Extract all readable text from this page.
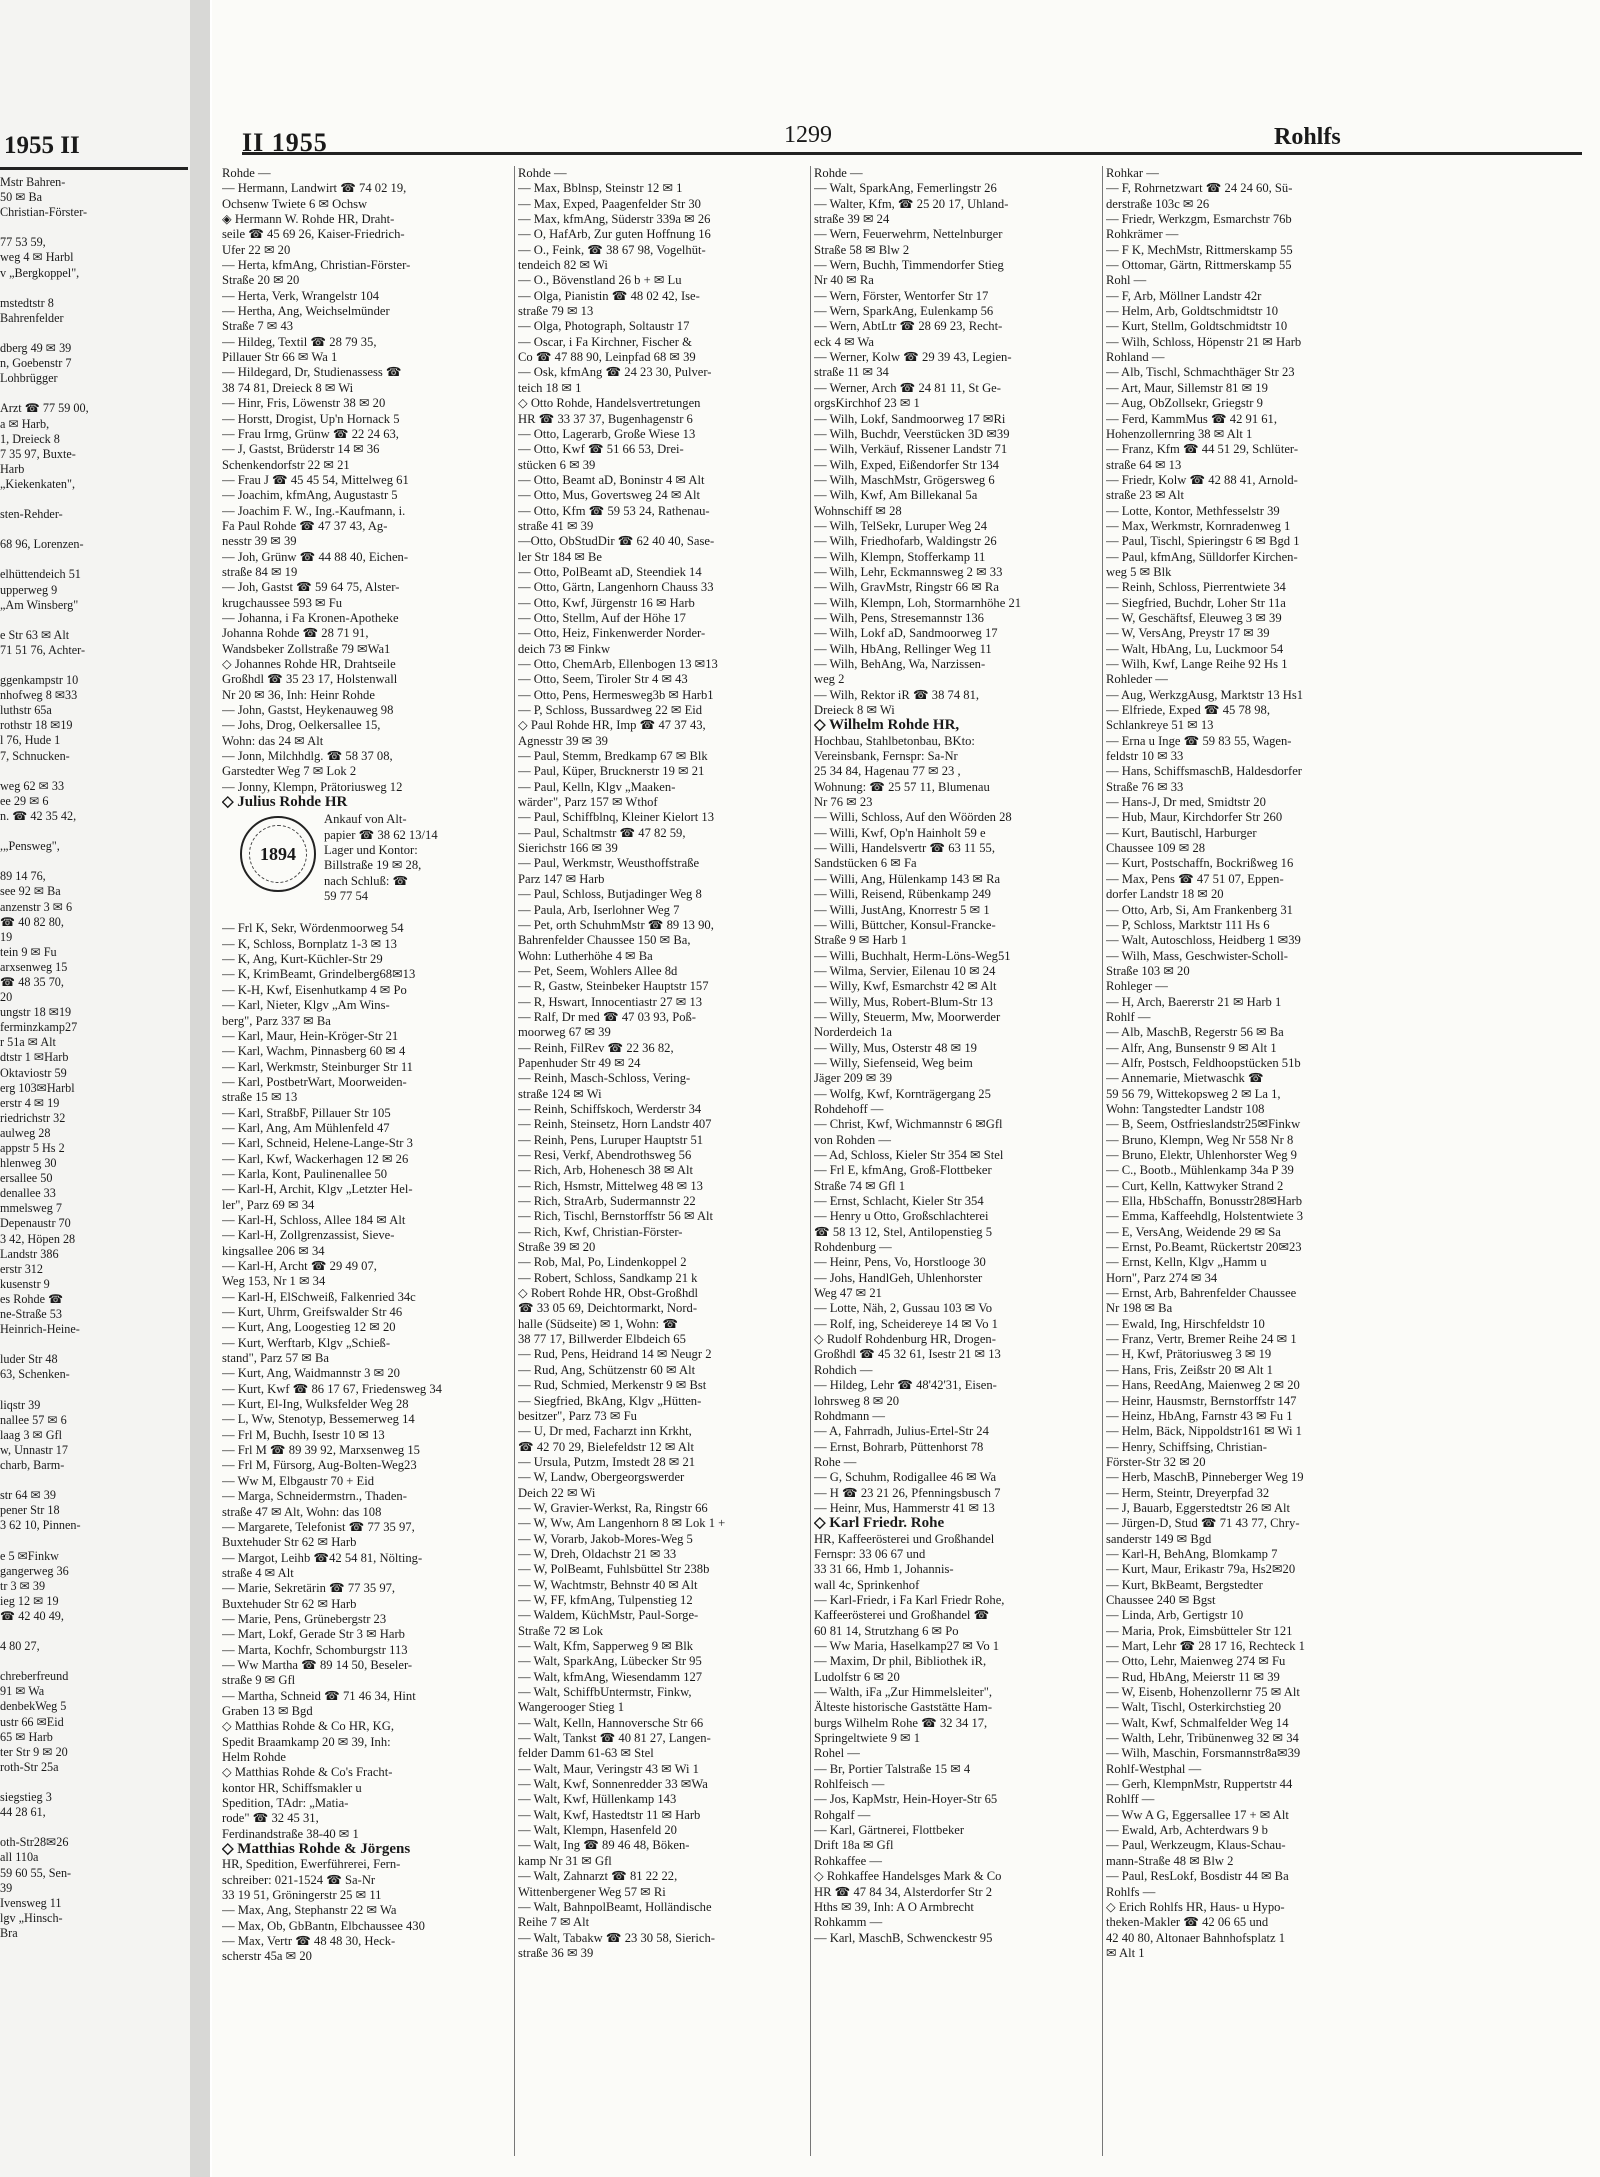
1955 II
Mstr Bahren-
50 ✉ Ba
Christian-Förster-
77 53 59,
weg 4 ✉ Harbl
v „Bergkoppel",
mstedtstr 8
Bahrenfelder
dberg 49 ✉ 39
n, Goebenstr 7
Lohbrügger
Arzt ☎ 77 59 00,
a ✉ Harb,
1, Dreieck 8
7 35 97, Buxte-
Harb
„Kiekenkaten",
sten-Rehder-
68 96, Lorenzen-
elhüttendeich 51
upperweg 9
„Am Winsberg"
e Str 63 ✉ Alt
71 51 76, Achter-
ggenkampstr 10
nhofweg 8 ✉33
luthstr 65a
rothstr 18 ✉19
l 76, Hude 1
7, Schnucken-
weg 62 ✉ 33
ee 29 ✉ 6
n. ☎ 42 35 42,
,„Pensweg",
89 14 76,
see 92 ✉ Ba
anzenstr 3 ✉ 6
☎ 40 82 80,
19
tein 9 ✉ Fu
arxsenweg 15
☎ 48 35 70,
20
ungstr 18 ✉19
ferminzkamp27
r 51a ✉ Alt
dtstr 1 ✉Harb
Oktaviostr 59
erg 103✉Harbl
erstr 4 ✉ 19
riedrichstr 32
aulweg 28
appstr 5 Hs 2
hlenweg 30
ersallee 50
denallee 33
mmelsweg 7
Depenaustr 70
3 42, Höpen 28
Landstr 386
erstr 312
kusenstr 9
es Rohde ☎
ne-Straße 53
Heinrich-Heine-
luder Str 48
63, Schenken-
liqstr 39
nallee 57 ✉ 6
laag 3 ✉ Gfl
w, Unnastr 17
charb, Barm-
str 64 ✉ 39
pener Str 18
3 62 10, Pinnen-
e 5 ✉Finkw
gangerweg 36
tr 3 ✉ 39
ieg 12 ✉ 19
☎ 42 40 49,
4 80 27,
chreberfreund
91 ✉ Wa
denbekWeg 5
ustr 66 ✉Eid
65 ✉ Harb
ter Str 9 ✉ 20
roth-Str 25a
siegstieg 3
44 28 61,
oth-Str28✉26
all 110a
59 60 55, Sen-
39
Ivensweg 11
lgv „Hinsch-
Bra
II 1955	1299	Rohlfs
Rohde —
— Hermann, Landwirt ☎ 74 02 19,
Ochsenw Twiete 6 ✉ Ochsw
◈ Hermann W. Rohde HR, Draht-
seile ☎ 45 69 26, Kaiser-Friedrich-
Ufer 22 ✉ 20
— Herta, kfmAng, Christian-Förster-
Straße 20 ✉ 20
— Herta, Verk, Wrangelstr 104
— Hertha, Ang, Weichselmünder
Straße 7 ✉ 43
— Hildeg, Textil ☎ 28 79 35,
Pillauer Str 66 ✉ Wa 1
— Hildegard, Dr, Studienassess ☎
38 74 81, Dreieck 8 ✉ Wi
— Hinr, Fris, Löwenstr 38 ✉ 20
— Horstt, Drogist, Up'n Hornack 5
— Frau Irmg, Grünw ☎ 22 24 63,
— J, Gastst, Brüderstr 14 ✉ 36
Schenkendorfstr 22 ✉ 21
— Frau J ☎ 45 45 54, Mittelweg 61
— Joachim, kfmAng, Augustastr 5
— Joachim F. W., Ing.-Kaufmann, i.
Fa Paul Rohde ☎ 47 37 43, Ag-
nesstr 39 ✉ 39
— Joh, Grünw ☎ 44 88 40, Eichen-
straße 84 ✉ 19
— Joh, Gastst ☎ 59 64 75, Alster-
krugchaussee 593 ✉ Fu
— Johanna, i Fa Kronen-Apotheke
Johanna Rohde ☎ 28 71 91,
Wandsbeker Zollstraße 79 ✉Wa1
◇ Johannes Rohde HR, Drahtseile
Großhdl ☎ 35 23 17, Holstenwall
Nr 20 ✉ 36, Inh: Heinr Rohde
— John, Gastst, Heykenauweg 98
— Johs, Drog, Oelkersallee 15,
Wohn: das 24 ✉ Alt
— Jonn, Milchhdlg. ☎ 58 37 08,
Garstedter Weg 7 ✉ Lok 2
— Jonny, Klempn, Prätoriusweg 12
◇ Julius Rohde HR
1894
Ankauf von Alt-
papier ☎ 38 62 13/14
Lager und Kontor:
Billstraße 19 ✉ 28,
nach Schluß: ☎
59 77 54
— Frl K, Sekr, Wördenmoorweg 54
— K, Schloss, Bornplatz 1-3 ✉ 13
— K, Ang, Kurt-Küchler-Str 29
— K, KrimBeamt, Grindelberg68✉13
— K-H, Kwf, Eisenhutkamp 4 ✉ Po
— Karl, Nieter, Klgv „Am Wins-
berg", Parz 337 ✉ Ba
— Karl, Maur, Hein-Kröger-Str 21
— Karl, Wachm, Pinnasberg 60 ✉ 4
— Karl, Werkmstr, Steinburger Str 11
— Karl, PostbetrWart, Moorweiden-
straße 15 ✉ 13
— Karl, StraßbF, Pillauer Str 105
— Karl, Ang, Am Mühlenfeld 47
— Karl, Schneid, Helene-Lange-Str 3
— Karl, Kwf, Wackerhagen 12 ✉ 26
— Karla, Kont, Paulinenallee 50
— Karl-H, Archit, Klgv „Letzter Hel-
ler", Parz 69 ✉ 34
— Karl-H, Schloss, Allee 184 ✉ Alt
— Karl-H, Zollgrenzassist, Sieve-
kingsallee 206 ✉ 34
— Karl-H, Archt ☎ 29 49 07,
Weg 153, Nr 1 ✉ 34
— Karl-H, ElSchweiß, Falkenried 34c
— Kurt, Uhrm, Greifswalder Str 46
— Kurt, Ang, Loogestieg 12 ✉ 20
— Kurt, Werftarb, Klgv „Schieß-
stand", Parz 57 ✉ Ba
— Kurt, Ang, Waidmannstr 3 ✉ 20
— Kurt, Kwf ☎ 86 17 67, Friedensweg 34
— Kurt, El-Ing, Wulksfelder Weg 28
— L, Ww, Stenotyp, Bessemerweg 14
— Frl M, Buchh, Isestr 10 ✉ 13
— Frl M ☎ 89 39 92, Marxsenweg 15
— Frl M, Fürsorg, Aug-Bolten-Weg23
— Ww M, Elbgaustr 70 + Eid
— Marga, Schneidermstrn., Thaden-
straße 47 ✉ Alt, Wohn: das 108
— Margarete, Telefonist ☎ 77 35 97,
Buxtehuder Str 62 ✉ Harb
— Margot, Leihb ☎42 54 81, Nölting-
straße 4 ✉ Alt
— Marie, Sekretärin ☎ 77 35 97,
Buxtehuder Str 62 ✉ Harb
— Marie, Pens, Grünebergstr 23
— Mart, Lokf, Gerade Str 3 ✉ Harb
— Marta, Kochfr, Schomburgstr 113
— Ww Martha ☎ 89 14 50, Beseler-
straße 9 ✉ Gfl
— Martha, Schneid ☎ 71 46 34, Hint
Graben 13 ✉ Bgd
◇ Matthias Rohde & Co HR, KG,
Spedit Braamkamp 20 ✉ 39, Inh:
Helm Rohde
◇ Matthias Rohde & Co's Fracht-
kontor HR, Schiffsmakler u
Spedition, TAdr: „Matia-
rode" ☎ 32 45 31,
Ferdinandstraße 38-40 ✉ 1
◇ Matthias Rohde & Jörgens
HR, Spedition, Ewerführerei, Fern-
schreiber: 021-1524 ☎ Sa-Nr
33 19 51, Gröningerstr 25 ✉ 11
— Max, Ang, Stephanstr 22 ✉ Wa
— Max, Ob, GbBantn, Elbchaussee 430
— Max, Vertr ☎ 48 48 30, Heck-
scherstr 45a ✉ 20
Rohde —
— Max, Bblnsp, Steinstr 12 ✉ 1
— Max, Exped, Paagenfelder Str 30
— Max, kfmAng, Süderstr 339a ✉ 26
— O, HafArb, Zur guten Hoffnung 16
— O., Feink, ☎ 38 67 98, Vogelhüt-
tendeich 82 ✉ Wi
— O., Bövenstland 26 b + ✉ Lu
— Olga, Pianistin ☎ 48 02 42, Ise-
straße 79 ✉ 13
— Olga, Photograph, Soltaustr 17
— Oscar, i Fa Kirchner, Fischer &
Co ☎ 47 88 90, Leinpfad 68 ✉ 39
— Osk, kfmAng ☎ 24 23 30, Pulver-
teich 18 ✉ 1
◇ Otto Rohde, Handelsvertretungen
HR ☎ 33 37 37, Bugenhagenstr 6
— Otto, Lagerarb, Große Wiese 13
— Otto, Kwf ☎ 51 66 53, Drei-
stücken 6 ✉ 39
— Otto, Beamt aD, Boninstr 4 ✉ Alt
— Otto, Mus, Govertsweg 24 ✉ Alt
— Otto, Kfm ☎ 59 53 24, Rathenau-
straße 41 ✉ 39
—Otto, ObStudDir ☎ 62 40 40, Sase-
ler Str 184 ✉ Be
— Otto, PolBeamt aD, Steendiek 14
— Otto, Gärtn, Langenhorn Chauss 33
— Otto, Kwf, Jürgenstr 16 ✉ Harb
— Otto, Stellm, Auf der Höhe 17
— Otto, Heiz, Finkenwerder Norder-
deich 73 ✉ Finkw
— Otto, ChemArb, Ellenbogen 13 ✉13
— Otto, Seem, Tiroler Str 4 ✉ 43
— Otto, Pens, Hermesweg3b ✉ Harb1
— P, Schloss, Bussardweg 22 ✉ Eid
◇ Paul Rohde HR, Imp ☎ 47 37 43,
Agnesstr 39 ✉ 39
— Paul, Stemm, Bredkamp 67 ✉ Blk
— Paul, Küper, Brucknerstr 19 ✉ 21
— Paul, Kelln, Klgv „Maaken-
wärder", Parz 157 ✉ Wthof
— Paul, Schiffblnq, Kleiner Kielort 13
— Paul, Schaltmstr ☎ 47 82 59,
Sierichstr 166 ✉ 39
— Paul, Werkmstr, Weusthoffstraße
Parz 147 ✉ Harb
— Paul, Schloss, Butjadinger Weg 8
— Paula, Arb, Iserlohner Weg 7
— Pet, orth SchuhmMstr ☎ 89 13 90,
Bahrenfelder Chaussee 150 ✉ Ba,
Wohn: Lutherhöhe 4 ✉ Ba
— Pet, Seem, Wohlers Allee 8d
— R, Gastw, Steinbeker Hauptstr 157
— R, Hswart, Innocentiastr 27 ✉ 13
— Ralf, Dr med ☎ 47 03 93, Poß-
moorweg 67 ✉ 39
— Reinh, FilRev ☎ 22 36 82,
Papenhuder Str 49 ✉ 24
— Reinh, Masch-Schloss, Vering-
straße 124 ✉ Wi
— Reinh, Schiffskoch, Werderstr 34
— Reinh, Steinsetz, Horn Landstr 407
— Reinh, Pens, Luruper Hauptstr 51
— Resi, Verkf, Abendrothsweg 56
— Rich, Arb, Hohenesch 38 ✉ Alt
— Rich, Hsmstr, Mittelweg 48 ✉ 13
— Rich, StraArb, Sudermannstr 22
— Rich, Tischl, Bernstorffstr 56 ✉ Alt
— Rich, Kwf, Christian-Förster-
Straße 39 ✉ 20
— Rob, Mal, Po, Lindenkoppel 2
— Robert, Schloss, Sandkamp 21 k
◇ Robert Rohde HR, Obst-Großhdl
☎ 33 05 69, Deichtormarkt, Nord-
halle (Südseite) ✉ 1, Wohn: ☎
38 77 17, Billwerder Elbdeich 65
— Rud, Pens, Heidrand 14 ✉ Neugr 2
— Rud, Ang, Schützenstr 60 ✉ Alt
— Rud, Schmied, Merkenstr 9 ✉ Bst
— Siegfried, BkAng, Klgv „Hütten-
besitzer", Parz 73 ✉ Fu
— U, Dr med, Facharzt inn Krkht,
☎ 42 70 29, Bielefeldstr 12 ✉ Alt
— Ursula, Putzm, Imstedt 28 ✉ 21
— W, Landw, Obergeorgswerder
Deich 22 ✉ Wi
— W, Gravier-Werkst, Ra, Ringstr 66
— W, Ww, Am Langenhorn 8 ✉ Lok 1 +
— W, Vorarb, Jakob-Mores-Weg 5
— W, Dreh, Oldachstr 21 ✉ 33
— W, PolBeamt, Fuhlsbüttel Str 238b
— W, Wachtmstr, Behnstr 40 ✉ Alt
— W, FF, kfmAng, Tulpenstieg 12
— Waldem, KüchMstr, Paul-Sorge-
Straße 72 ✉ Lok
— Walt, Kfm, Sapperweg 9 ✉ Blk
— Walt, SparkAng, Lübecker Str 95
— Walt, kfmAng, Wiesendamm 127
— Walt, SchiffbUntermstr, Finkw,
Wangerooger Stieg 1
— Walt, Kelln, Hannoversche Str 66
— Walt, Tankst ☎ 40 81 27, Langen-
felder Damm 61-63 ✉ Stel
— Walt, Maur, Veringstr 43 ✉ Wi 1
— Walt, Kwf, Sonnenredder 33 ✉Wa
— Walt, Kwf, Hüllenkamp 143
— Walt, Kwf, Hastedtstr 11 ✉ Harb
— Walt, Klempn, Hasenfeld 20
— Walt, Ing ☎ 89 46 48, Böken-
kamp Nr 31 ✉ Gfl
— Walt, Zahnarzt ☎ 81 22 22,
Wittenbergener Weg 57 ✉ Ri
— Walt, BahnpolBeamt, Holländische
Reihe 7 ✉ Alt
— Walt, Tabakw ☎ 23 30 58, Sierich-
straße 36 ✉ 39
Rohde —
— Walt, SparkAng, Femerlingstr 26
— Walter, Kfm, ☎ 25 20 17, Uhland-
straße 39 ✉ 24
— Wern, Feuerwehrm, Nettelnburger
Straße 58 ✉ Blw 2
— Wern, Buchh, Timmendorfer Stieg
Nr 40 ✉ Ra
— Wern, Förster, Wentorfer Str 17
— Wern, SparkAng, Eulenkamp 56
— Wern, AbtLtr ☎ 28 69 23, Recht-
eck 4 ✉ Wa
— Werner, Kolw ☎ 29 39 43, Legien-
straße 11 ✉ 34
— Werner, Arch ☎ 24 81 11, St Ge-
orgsKirchhof 23 ✉ 1
— Wilh, Lokf, Sandmoorweg 17 ✉Ri
— Wilh, Buchdr, Veerstücken 3D ✉39
— Wilh, Verkäuf, Rissener Landstr 71
— Wilh, Exped, Eißendorfer Str 134
— Wilh, MaschMstr, Grögersweg 6
— Wilh, Kwf, Am Billekanal 5a
Wohnschiff ✉ 28
— Wilh, TelSekr, Luruper Weg 24
— Wilh, Friedhofarb, Waldingstr 26
— Wilh, Klempn, Stofferkamp 11
— Wilh, Lehr, Eckmannsweg 2 ✉ 33
— Wilh, GravMstr, Ringstr 66 ✉ Ra
— Wilh, Klempn, Loh, Stormarnhöhe 21
— Wilh, Pens, Stresemannstr 136
— Wilh, Lokf aD, Sandmoorweg 17
— Wilh, HbAng, Rellinger Weg 11
— Wilh, BehAng, Wa, Narzissen-
weg 2
— Wilh, Rektor iR ☎ 38 74 81,
Dreieck 8 ✉ Wi
◇ Wilhelm Rohde HR,
Hochbau, Stahlbetonbau, BKto:
Vereinsbank, Fernspr: Sa-Nr
25 34 84, Hagenau 77 ✉ 23 ,
Wohnung: ☎ 25 57 11, Blumenau
Nr 76 ✉ 23
— Willi, Schloss, Auf den Wöörden 28
— Willi, Kwf, Op'n Hainholt 59 e
— Willi, Handelsvertr ☎ 63 11 55,
Sandstücken 6 ✉ Fa
— Willi, Ang, Hülenkamp 143 ✉ Ra
— Willi, Reisend, Rübenkamp 249
— Willi, JustAng, Knorrestr 5 ✉ 1
— Willi, Büttcher, Konsul-Francke-
Straße 9 ✉ Harb 1
— Willi, Buchhalt, Herm-Löns-Weg51
— Wilma, Servier, Eilenau 10 ✉ 24
— Willy, Kwf, Esmarchstr 42 ✉ Alt
— Willy, Mus, Robert-Blum-Str 13
— Willy, Steuerm, Mw, Moorwerder
Norderdeich 1a
— Willy, Mus, Osterstr 48 ✉ 19
— Willy, Siefenseid, Weg beim
Jäger 209 ✉ 39
— Wolfg, Kwf, Kornträgergang 25
Rohdehoff —
— Christ, Kwf, Wichmannstr 6 ✉Gfl
von Rohden —
— Ad, Schloss, Kieler Str 354 ✉ Stel
— Frl E, kfmAng, Groß-Flottbeker
Straße 74 ✉ Gfl 1
— Ernst, Schlacht, Kieler Str 354
— Henry u Otto, Großschlachterei
☎ 58 13 12, Stel, Antilopenstieg 5
Rohdenburg —
— Heinr, Pens, Vo, Horstlooge 30
— Johs, HandlGeh, Uhlenhorster
Weg 47 ✉ 21
— Lotte, Näh, 2, Gussau 103 ✉ Vo
— Rolf, ing, Scheidereye 14 ✉ Vo 1
◇ Rudolf Rohdenburg HR, Drogen-
Großhdl ☎ 45 32 61, Isestr 21 ✉ 13
Rohdich —
— Hildeg, Lehr ☎ 48'42'31, Eisen-
lohrsweg 8 ✉ 20
Rohdmann —
— A, Fahrradh, Julius-Ertel-Str 24
— Ernst, Bohrarb, Püttenhorst 78
Rohe —
— G, Schuhm, Rodigallee 46 ✉ Wa
— H ☎ 23 21 26, Pfenningsbusch 7
— Heinr, Mus, Hammerstr 41 ✉ 13
◇ Karl Friedr. Rohe
HR, Kaffeerösterei und Großhandel
Fernspr: 33 06 67 und
33 31 66, Hmb 1, Johannis-
wall 4c, Sprinkenhof
— Karl-Friedr, i Fa Karl Friedr Rohe,
Kaffeerösterei und Großhandel ☎
60 81 14, Strutzhang 6 ✉ Po
— Ww Maria, Haselkamp27 ✉ Vo 1
— Maxim, Dr phil, Bibliothek iR,
Ludolfstr 6 ✉ 20
— Walth, iFa „Zur Himmelsleiter",
Älteste historische Gaststätte Ham-
burgs Wilhelm Rohe ☎ 32 34 17,
Springeltwiete 9 ✉ 1
Rohel —
— Br, Portier Talstraße 15 ✉ 4
Rohlfeisch —
— Jos, KapMstr, Hein-Hoyer-Str 65
Rohgalf —
— Karl, Gärtnerei, Flottbeker
Drift 18a ✉ Gfl
Rohkaffee —
◇ Rohkaffee Handelsges Mark & Co
HR ☎ 47 84 34, Alsterdorfer Str 2
Hths ✉ 39, Inh: A O Armbrecht
Rohkamm —
— Karl, MaschB, Schwenckestr 95
Rohkar —
— F, Rohrnetzwart ☎ 24 24 60, Sü-
derstraße 103c ✉ 26
— Friedr, Werkzgm, Esmarchstr 76b
Rohkrämer —
— F K, MechMstr, Rittmerskamp 55
— Ottomar, Gärtn, Rittmerskamp 55
Rohl —
— F, Arb, Möllner Landstr 42r
— Helm, Arb, Goldtschmidtstr 10
— Kurt, Stellm, Goldtschmidtstr 10
— Wilh, Schloss, Höpenstr 21 ✉ Harb
Rohland —
— Alb, Tischl, Schmachthäger Str 23
— Art, Maur, Sillemstr 81 ✉ 19
— Aug, ObZollsekr, Griegstr 9
— Ferd, KammMus ☎ 42 91 61,
Hohenzollernring 38 ✉ Alt 1
— Franz, Kfm ☎ 44 51 29, Schlüter-
straße 64 ✉ 13
— Friedr, Kolw ☎ 42 88 41, Arnold-
straße 23 ✉ Alt
— Lotte, Kontor, Methfesselstr 39
— Max, Werkmstr, Kornradenweg 1
— Paul, Tischl, Spieringstr 6 ✉ Bgd 1
— Paul, kfmAng, Sülldorfer Kirchen-
weg 5 ✉ Blk
— Reinh, Schloss, Pierrentwiete 34
— Siegfried, Buchdr, Loher Str 11a
— W, Geschäftsf, Eleuweg 3 ✉ 39
— W, VersAng, Preystr 17 ✉ 39
— Walt, HbAng, Lu, Luckmoor 54
— Wilh, Kwf, Lange Reihe 92 Hs 1
Rohleder —
— Aug, WerkzgAusg, Marktstr 13 Hs1
— Elfriede, Exped ☎ 45 78 98,
Schlankreye 51 ✉ 13
— Erna u Inge ☎ 59 83 55, Wagen-
feldstr 10 ✉ 33
— Hans, SchiffsmaschB, Haldesdorfer
Straße 76 ✉ 33
— Hans-J, Dr med, Smidtstr 20
— Hub, Maur, Kirchdorfer Str 260
— Kurt, Bautischl, Harburger
Chaussee 109 ✉ 28
— Kurt, Postschaffn, Bockrißweg 16
— Max, Pens ☎ 47 51 07, Eppen-
dorfer Landstr 18 ✉ 20
— Otto, Arb, Si, Am Frankenberg 31
— P, Schloss, Marktstr 111 Hs 6
— Walt, Autoschloss, Heidberg 1 ✉39
— Wilh, Mass, Geschwister-Scholl-
Straße 103 ✉ 20
Rohleger —
— H, Arch, Baererstr 21 ✉ Harb 1
Rohlf —
— Alb, MaschB, Regerstr 56 ✉ Ba
— Alfr, Ang, Bunsenstr 9 ✉ Alt 1
— Alfr, Postsch, Feldhoopstücken 51b
— Annemarie, Mietwaschk ☎
59 56 79, Wittekopsweg 2 ✉ La 1,
Wohn: Tangstedter Landstr 108
— B, Seem, Ostfrieslandstr25✉Finkw
— Bruno, Klempn, Weg Nr 558 Nr 8
— Bruno, Elektr, Uhlenhorster Weg 9
— C., Bootb., Mühlenkamp 34a P 39
— Curt, Kelln, Kattwyker Strand 2
— Ella, HbSchaffn, Bonusstr28✉Harb
— Emma, Kaffeehdlg, Holstentwiete 3
— E, VersAng, Weidende 29 ✉ Sa
— Ernst, Po.Beamt, Rückertstr 20✉23
— Ernst, Kelln, Klgv „Hamm u
Horn", Parz 274 ✉ 34
— Ernst, Arb, Bahrenfelder Chaussee
Nr 198 ✉ Ba
— Ewald, Ing, Hirschfeldstr 10
— Franz, Vertr, Bremer Reihe 24 ✉ 1
— H, Kwf, Prätoriusweg 3 ✉ 19
— Hans, Fris, Zeißstr 20 ✉ Alt 1
— Hans, ReedAng, Maienweg 2 ✉ 20
— Heinr, Hausmstr, Bernstorffstr 147
— Heinz, HbAng, Farnstr 43 ✉ Fu 1
— Helm, Bäck, Nippoldstr161 ✉ Wi 1
— Henry, Schiffsing, Christian-
Förster-Str 32 ✉ 20
— Herb, MaschB, Pinneberger Weg 19
— Herm, Steintr, Dreyerpfad 32
— J, Bauarb, Eggerstedtstr 26 ✉ Alt
— Jürgen-D, Stud ☎ 71 43 77, Chry-
sanderstr 149 ✉ Bgd
— Karl-H, BehAng, Blomkamp 7
— Kurt, Maur, Erikastr 79a, Hs2✉20
— Kurt, BkBeamt, Bergstedter
Chaussee 240 ✉ Bgst
— Linda, Arb, Gertigstr 10
— Maria, Prok, Eimsbütteler Str 121
— Mart, Lehr ☎ 28 17 16, Rechteck 1
— Otto, Lehr, Maienweg 274 ✉ Fu
— Rud, HbAng, Meierstr 11 ✉ 39
— W, Eisenb, Hohenzollernr 75 ✉ Alt
— Walt, Tischl, Osterkirchstieg 20
— Walt, Kwf, Schmalfelder Weg 14
— Walth, Lehr, Tribünenweg 32 ✉ 34
— Wilh, Maschin, Forsmannstr8a✉39
Rohlf-Westphal —
— Gerh, KlempnMstr, Ruppertstr 44
Rohlff —
— Ww A G, Eggersallee 17 + ✉ Alt
— Ewald, Arb, Achterdwars 9 b
— Paul, Werkzeugm, Klaus-Schau-
mann-Straße 48 ✉ Blw 2
— Paul, ResLokf, Bosdistr 44 ✉ Ba
Rohlfs —
◇ Erich Rohlfs HR, Haus- u Hypo-
theken-Makler ☎ 42 06 65 und
42 40 80, Altonaer Bahnhofsplatz 1
✉ Alt 1
